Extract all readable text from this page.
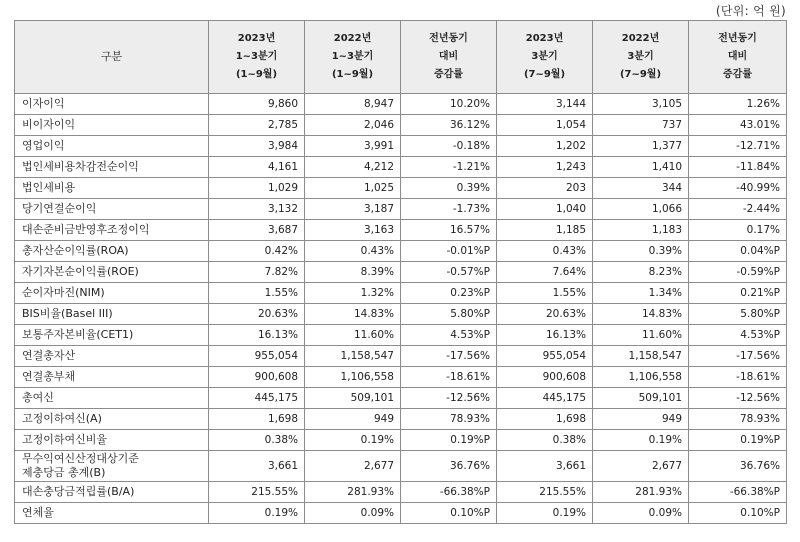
(단위: 억 원)
구분	2023년
1~3분기
(1~9월)	2022년
1~3분기
(1~9월)	전년동기
대비
증감률	2023년
3분기
(7~9월)	2022년
3분기
(7~9월)	전년동기
대비
증감률

이자이익	9,860	8,947	10.20%	3,144	3,105	1.26%

비이자이익	2,785	2,046	36.12%	1,054	737	43.01%

영업이익	3,984	3,991	-0.18%	1,202	1,377	-12.71%

법인세비용차감전순이익	4,161	4,212	-1.21%	1,243	1,410	-11.84%

법인세비용	1,029	1,025	0.39%	203	344	-40.99%

당기연결순이익	3,132	3,187	-1.73%	1,040	1,066	-2.44%

대손준비금반영후조정이익	3,687	3,163	16.57%	1,185	1,183	0.17%

총자산순이익률(ROA)	0.42%	0.43%	-0.01%P	0.43%	0.39%	0.04%P

자기자본순이익률(ROE)	7.82%	8.39%	-0.57%P	7.64%	8.23%	-0.59%P

순이자마진(NIM)	1.55%	1.32%	0.23%P	1.55%	1.34%	0.21%P

BIS비율(Basel III)	20.63%	14.83%	5.80%P	20.63%	14.83%	5.80%P

보통주자본비율(CET1)	16.13%	11.60%	4.53%P	16.13%	11.60%	4.53%P

연결총자산	955,054	1,158,547	-17.56%	955,054	1,158,547	-17.56%

연결총부채	900,608	1,106,558	-18.61%	900,608	1,106,558	-18.61%

총여신	445,175	509,101	-12.56%	445,175	509,101	-12.56%

고정이하여신(A)	1,698	949	78.93%	1,698	949	78.93%

고정이하여신비율	0.38%	0.19%	0.19%P	0.38%	0.19%	0.19%P

무수익여신산정대상기준
제충당금 총계(B)	3,661	2,677	36.76%	3,661	2,677	36.76%

대손충당금적립률(B/A)	215.55%	281.93%	-66.38%P	215.55%	281.93%	-66.38%P

연체율	0.19%	0.09%	0.10%P	0.19%	0.09%	0.10%P
